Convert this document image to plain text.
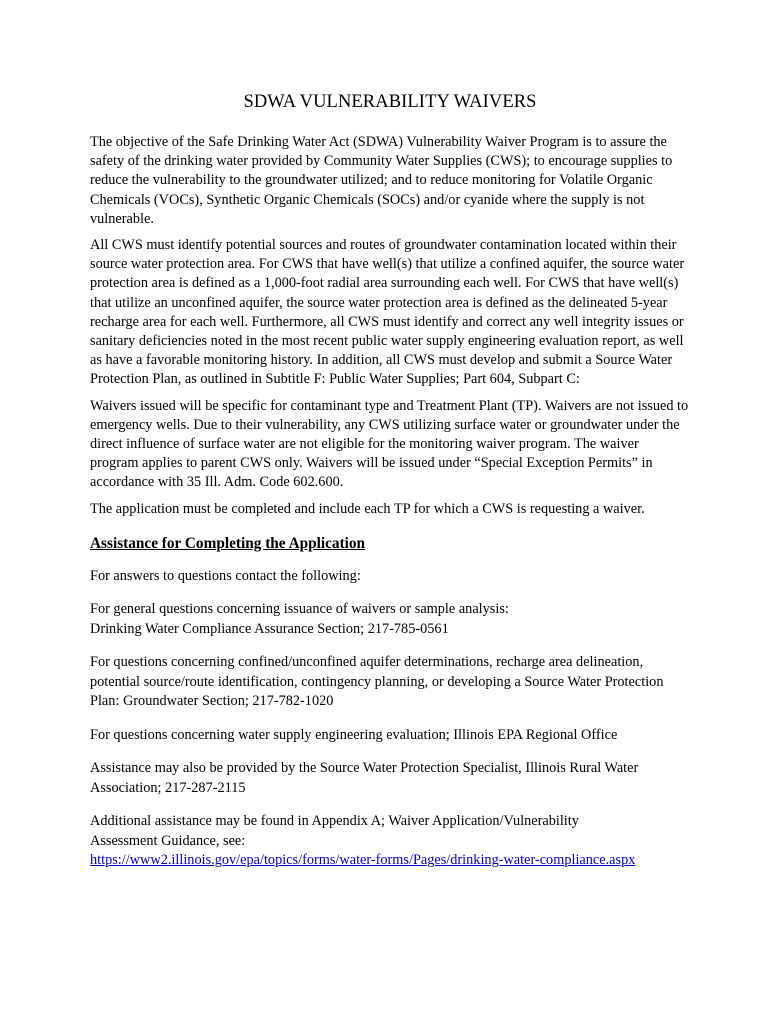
SDWA VULNERABILITY WAIVERS

The objective of the Safe Drinking Water Act (SDWA) Vulnerability Waiver Program is to assure the safety of the drinking water provided by Community Water Supplies (CWS); to encourage supplies to reduce the vulnerability to the groundwater utilized; and to reduce monitoring for Volatile Organic Chemicals (VOCs), Synthetic Organic Chemicals (SOCs) and/or cyanide where the supply is not vulnerable.

All CWS must identify potential sources and routes of groundwater contamination located within their source water protection area. For CWS that have well(s) that utilize a confined aquifer, the source water protection area is defined as a 1,000-foot radial area surrounding each well. For CWS that have well(s) that utilize an unconfined aquifer, the source water protection area is defined as the delineated 5-year recharge area for each well. Furthermore, all CWS must identify and correct any well integrity issues or sanitary deficiencies noted in the most recent public water supply engineering evaluation report, as well as have a favorable monitoring history. In addition, all CWS must develop and submit a Source Water Protection Plan, as outlined in Subtitle F: Public Water Supplies; Part 604, Subpart C:

Waivers issued will be specific for contaminant type and Treatment Plant (TP). Waivers are not issued to emergency wells. Due to their vulnerability, any CWS utilizing surface water or groundwater under the direct influence of surface water are not eligible for the monitoring waiver program. The waiver program applies to parent CWS only. Waivers will be issued under “Special Exception Permits” in accordance with 35 Ill. Adm. Code 602.600.

The application must be completed and include each TP for which a CWS is requesting a waiver.

Assistance for Completing the Application

For answers to questions contact the following:

For general questions concerning issuance of waivers or sample analysis:
Drinking Water Compliance Assurance Section; 217-785-0561

For questions concerning confined/unconfined aquifer determinations, recharge area delineation, potential source/route identification, contingency planning, or developing a Source Water Protection Plan: Groundwater Section; 217-782-1020

For questions concerning water supply engineering evaluation; Illinois EPA Regional Office

Assistance may also be provided by the Source Water Protection Specialist, Illinois Rural Water Association; 217-287-2115

Additional assistance may be found in Appendix A; Waiver Application/Vulnerability
Assessment Guidance, see:
https://www2.illinois.gov/epa/topics/forms/water-forms/Pages/drinking-water-compliance.aspx
